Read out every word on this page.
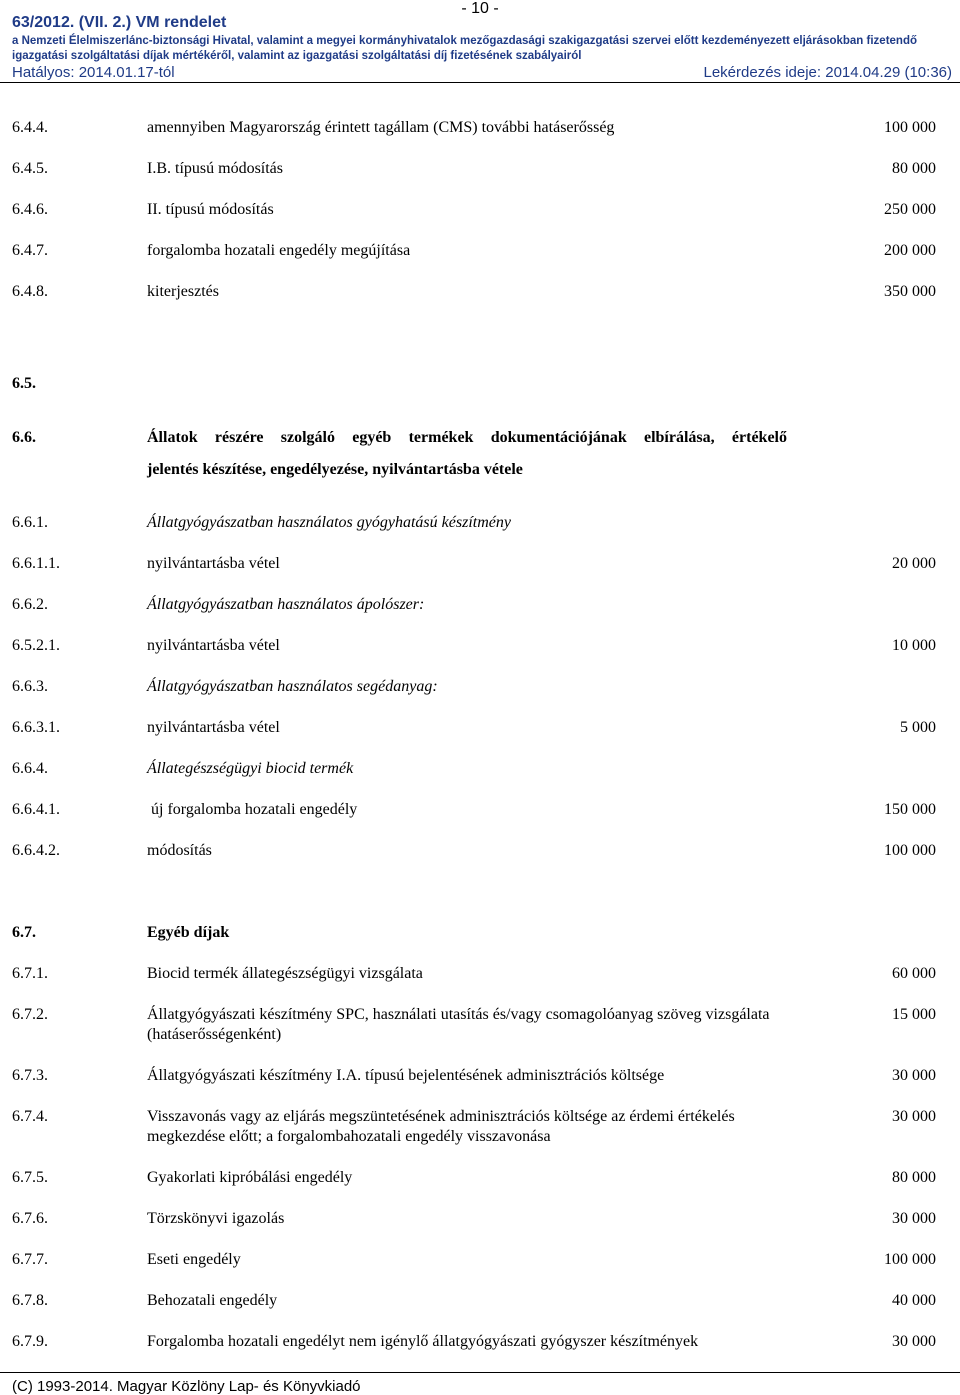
- 10 -
63/2012. (VII. 2.) VM rendelet
a Nemzeti Élelmiszerlánc-biztonsági Hivatal, valamint a megyei kormányhivatalok mezőgazdasági szakigazgatási szervei előtt kezdeményezett eljárásokban fizetendő
igazgatási szolgáltatási díjak mértékéről, valamint az igazgatási szolgáltatási díj fizetésének szabályairól
Hatályos: 2014.01.17-tól	Lekérdezés ideje: 2014.04.29 (10:36)
6.4.4.	amennyiben Magyarország érintett tagállam (CMS) további hatáserősség	100 000
6.4.5.	I.B. típusú módosítás	80 000
6.4.6.	II. típusú módosítás	250 000
6.4.7.	forgalomba hozatali engedély megújítása	200 000
6.4.8.	kiterjesztés	350 000
6.5.
6.6.	Állatok részére szolgáló egyéb termékek dokumentációjának elbírálása, értékelő
jelentés készítése, engedélyezése, nyilvántartásba vétele
6.6.1.	Állatgyógyászatban használatos gyógyhatású készítmény
6.6.1.1.	nyilvántartásba vétel	20 000
6.6.2.	Állatgyógyászatban használatos ápolószer:
6.5.2.1.	nyilvántartásba vétel	10 000
6.6.3.	Állatgyógyászatban használatos segédanyag:
6.6.3.1.	nyilvántartásba vétel	5 000
6.6.4.	Állategészségügyi biocid termék
6.6.4.1.	új forgalomba hozatali engedély	150 000
6.6.4.2.	módosítás	100 000
6.7.	Egyéb díjak
6.7.1.	Biocid termék állategészségügyi vizsgálata	60 000
6.7.2.	Állatgyógyászati készítmény SPC, használati utasítás és/vagy csomagolóanyag szöveg vizsgálata (hatáserősségenként)
15 000
6.7.3.	Állatgyógyászati készítmény I.A. típusú bejelentésének adminisztrációs költsége	30 000
6.7.4.	Visszavonás vagy az eljárás megszüntetésének adminisztrációs költsége az érdemi értékelés megkezdése előtt; a forgalombahozatali engedély visszavonása
30 000
6.7.5.	Gyakorlati kipróbálási engedély	80 000
6.7.6.	Törzskönyvi igazolás	30 000
6.7.7.	Eseti engedély	100 000
6.7.8.	Behozatali engedély	40 000
6.7.9.	Forgalomba hozatali engedélyt nem igénylő állatgyógyászati gyógyszer készítmények	30 000
(C) 1993-2014. Magyar Közlöny Lap- és Könyvkiadó
